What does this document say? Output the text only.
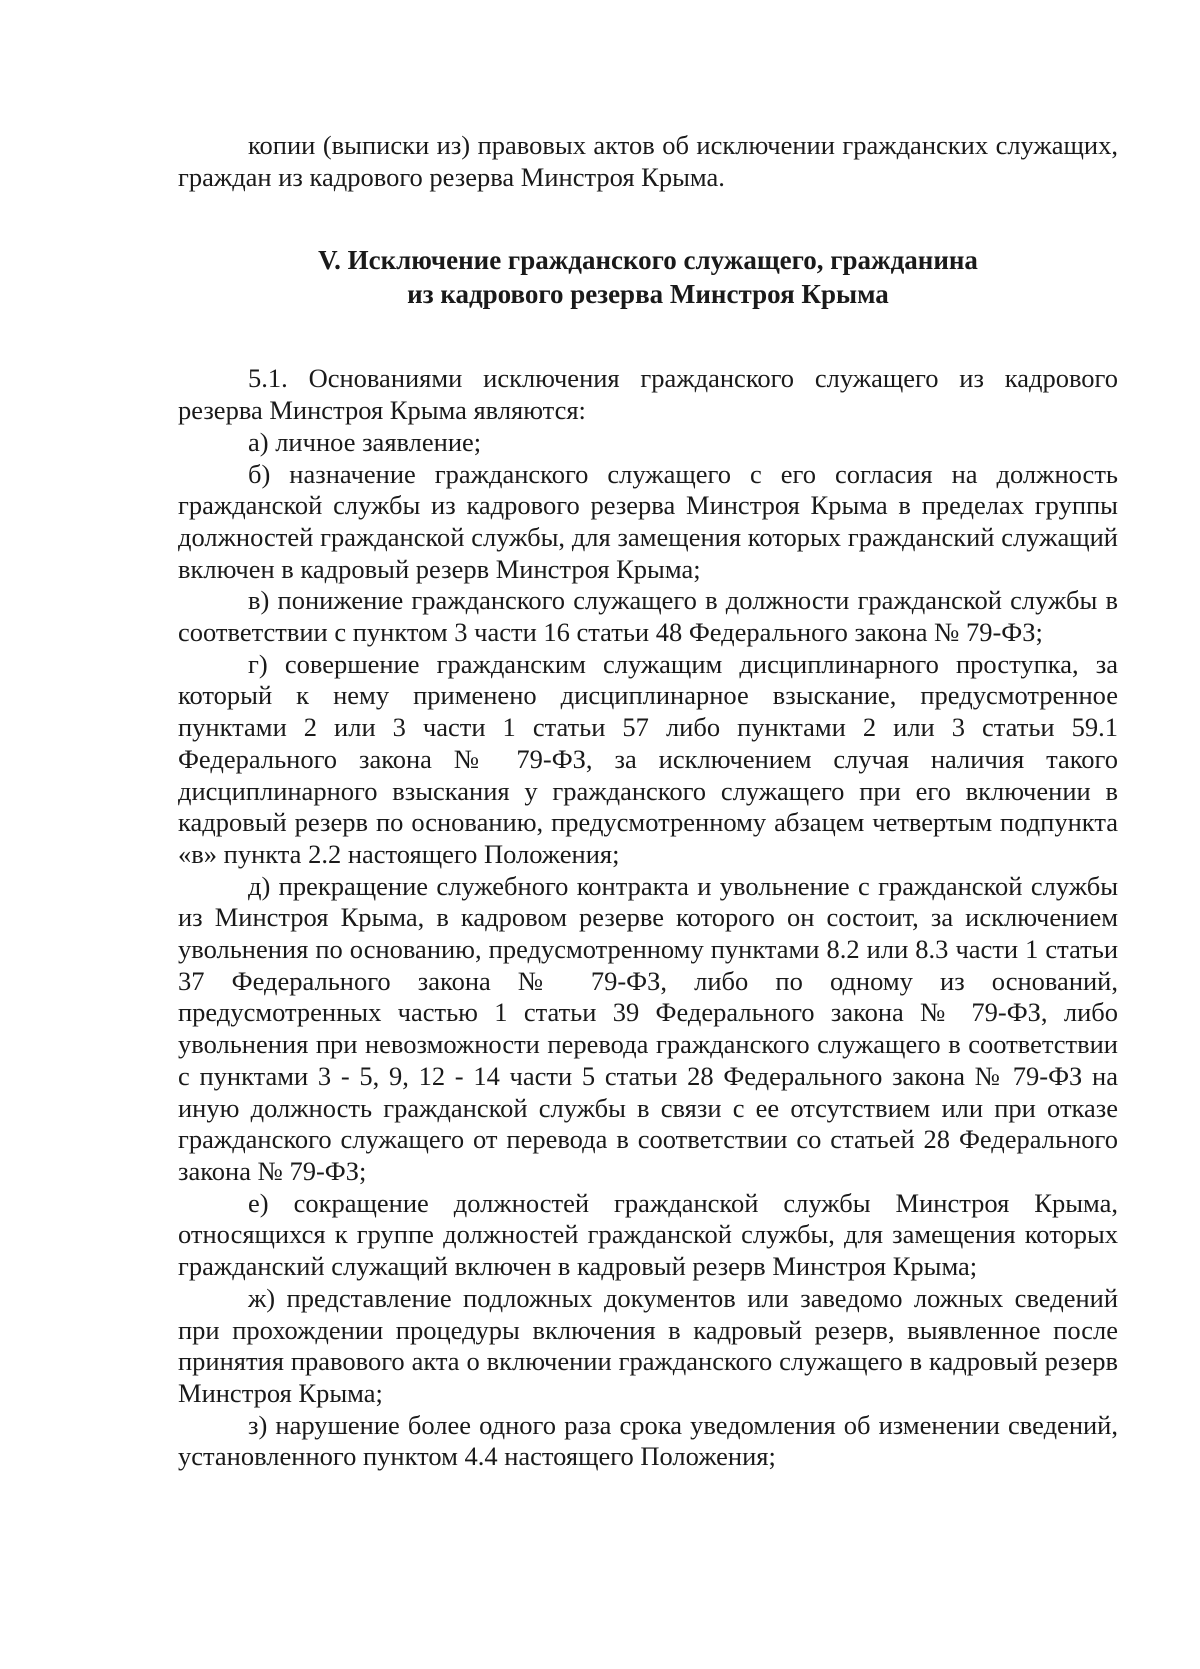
копии (выписки из) правовых актов об исключении гражданских служащих, граждан из кадрового резерва Минстроя Крыма.

V. Исключение гражданского служащего, гражданина
из кадрового резерва Минстроя Крыма

5.1. Основаниями исключения гражданского служащего из кадрового резерва Минстроя Крыма являются:

а) личное заявление;

б) назначение гражданского служащего с его согласия на должность гражданской службы из кадрового резерва Минстроя Крыма в пределах группы должностей гражданской службы, для замещения которых гражданский служащий включен в кадровый резерв Минстроя Крыма;

в) понижение гражданского служащего в должности гражданской службы в соответствии с пунктом 3 части 16 статьи 48 Федерального закона № 79-ФЗ;

г) совершение гражданским служащим дисциплинарного проступка, за который к нему применено дисциплинарное взыскание, предусмотренное пунктами 2 или 3 части 1 статьи 57 либо пунктами 2 или 3 статьи 59.1 Федерального закона № 79-ФЗ, за исключением случая наличия такого дисциплинарного взыскания у гражданского служащего при его включении в кадровый резерв по основанию, предусмотренному абзацем четвертым подпункта «в» пункта 2.2 настоящего Положения;

д) прекращение служебного контракта и увольнение с гражданской службы из Минстроя Крыма, в кадровом резерве которого он состоит, за исключением увольнения по основанию, предусмотренному пунктами 8.2 или 8.3 части 1 статьи 37 Федерального закона № 79-ФЗ, либо по одному из оснований, предусмотренных частью 1 статьи 39 Федерального закона № 79-ФЗ, либо увольнения при невозможности перевода гражданского служащего в соответствии с пунктами 3 - 5, 9, 12 - 14 части 5 статьи 28 Федерального закона № 79-ФЗ на иную должность гражданской службы в связи с ее отсутствием или при отказе гражданского служащего от перевода в соответствии со статьей 28 Федерального закона № 79-ФЗ;

е) сокращение должностей гражданской службы Минстроя Крыма, относящихся к группе должностей гражданской службы, для замещения которых гражданский служащий включен в кадровый резерв Минстроя Крыма;

ж) представление подложных документов или заведомо ложных сведений при прохождении процедуры включения в кадровый резерв, выявленное после принятия правового акта о включении гражданского служащего в кадровый резерв Минстроя Крыма;

з) нарушение более одного раза срока уведомления об изменении сведений, установленного пунктом 4.4 настоящего Положения;
